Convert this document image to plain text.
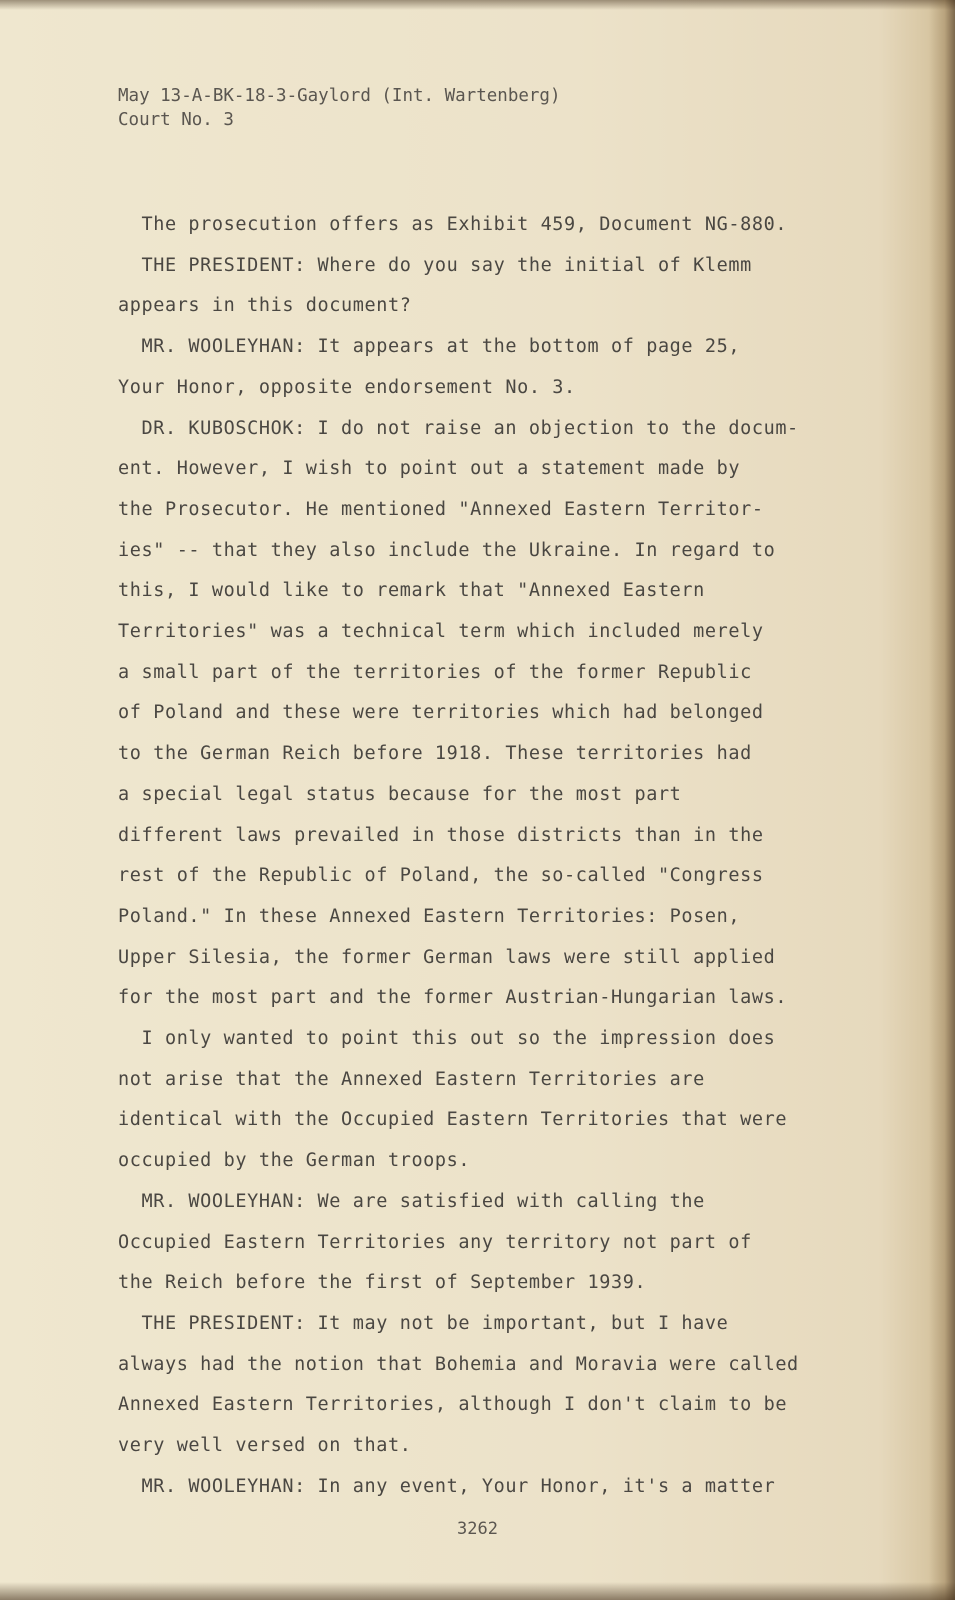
May 13-A-BK-18-3-Gaylord (Int. Wartenberg)
Court No. 3
The prosecution offers as Exhibit 459, Document NG-880.
THE PRESIDENT: Where do you say the initial of Klemm
appears in this document?
MR. WOOLEYHAN: It appears at the bottom of page 25,
Your Honor, opposite endorsement No. 3.
DR. KUBOSCHOK: I do not raise an objection to the docum-
ent. However, I wish to point out a statement made by
the Prosecutor. He mentioned "Annexed Eastern Territor-
ies" -- that they also include the Ukraine. In regard to
this, I would like to remark that "Annexed Eastern
Territories" was a technical term which included merely
a small part of the territories of the former Republic
of Poland and these were territories which had belonged
to the German Reich before 1918. These territories had
a special legal status because for the most part
different laws prevailed in those districts than in the
rest of the Republic of Poland, the so-called "Congress
Poland." In these Annexed Eastern Territories: Posen,
Upper Silesia, the former German laws were still applied
for the most part and the former Austrian-Hungarian laws.
I only wanted to point this out so the impression does
not arise that the Annexed Eastern Territories are
identical with the Occupied Eastern Territories that were
occupied by the German troops.
MR. WOOLEYHAN: We are satisfied with calling the
Occupied Eastern Territories any territory not part of
the Reich before the first of September 1939.
THE PRESIDENT: It may not be important, but I have
always had the notion that Bohemia and Moravia were called
Annexed Eastern Territories, although I don't claim to be
very well versed on that.
MR. WOOLEYHAN: In any event, Your Honor, it's a matter
3262
